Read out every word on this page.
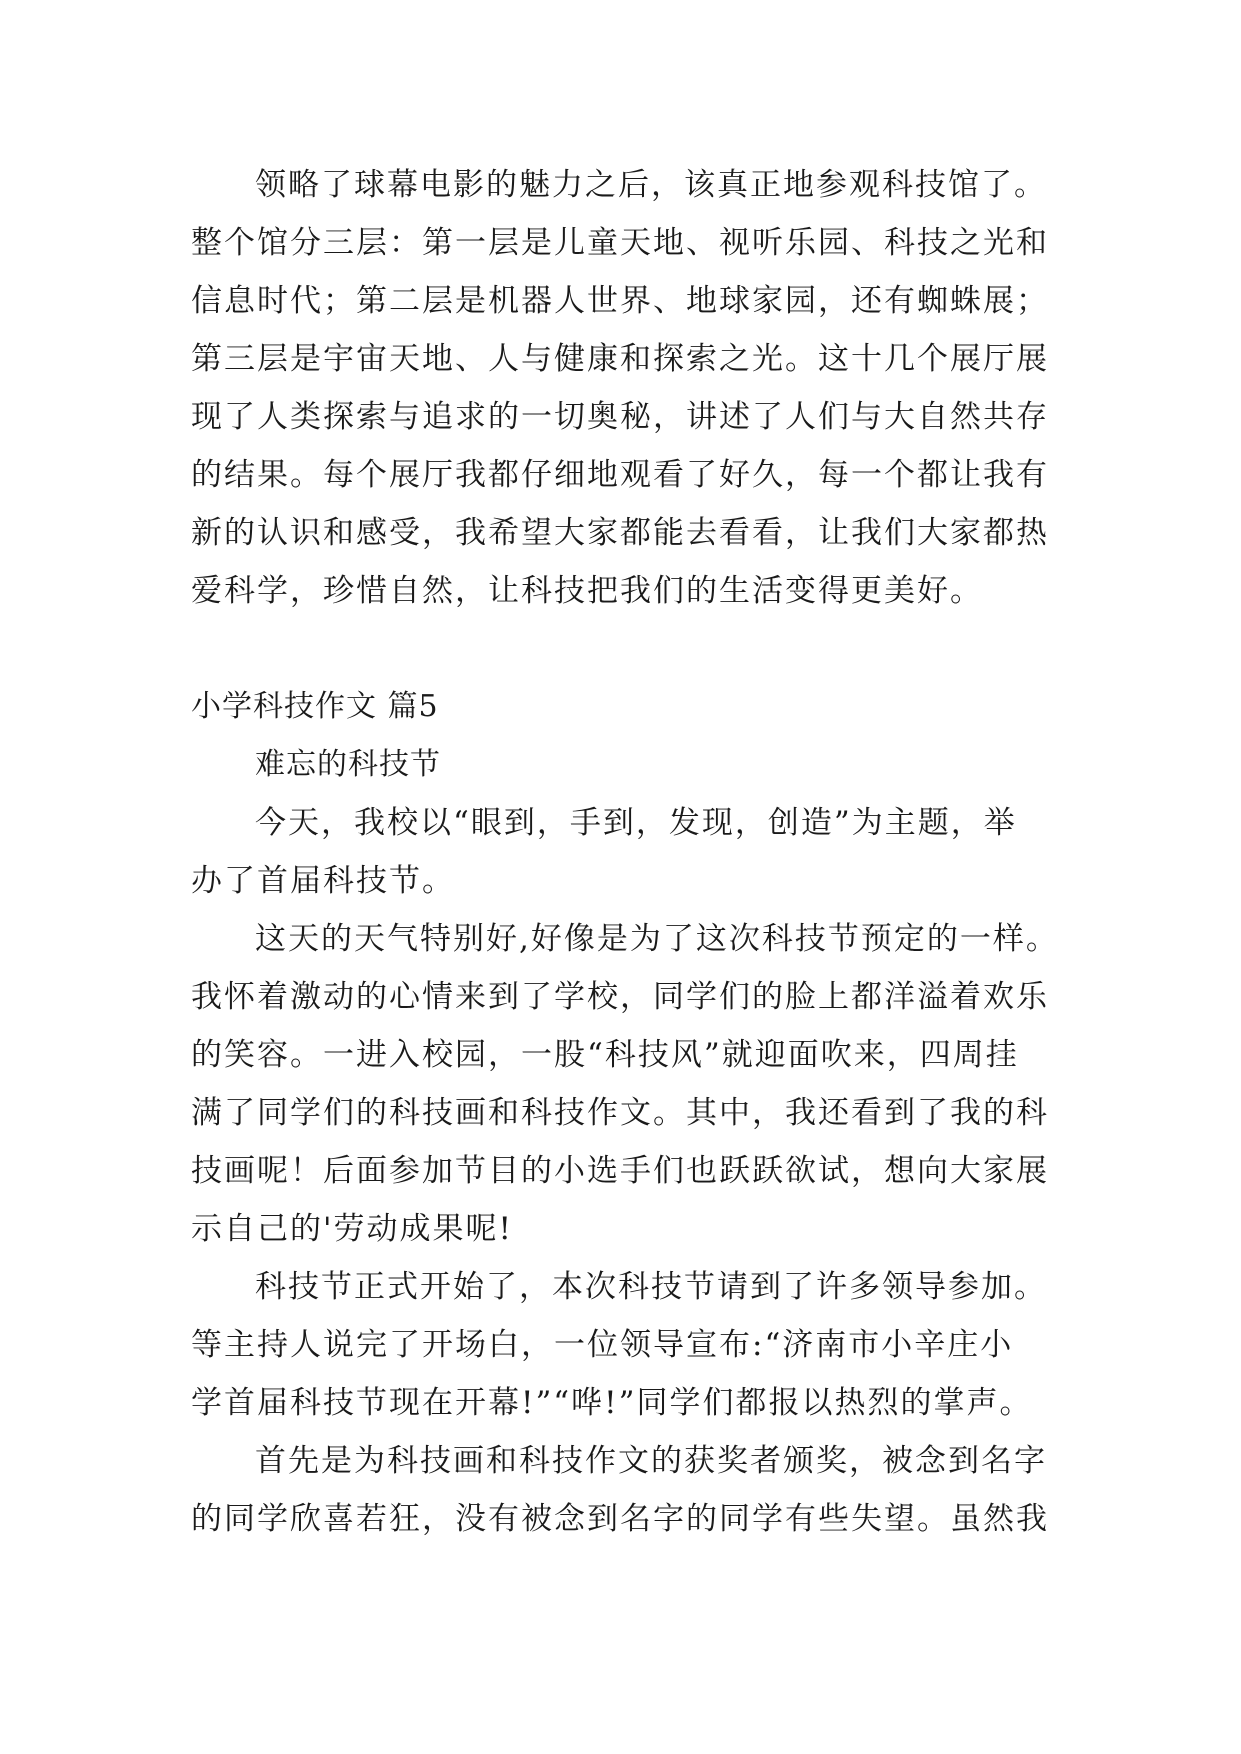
领略了球幕电影的魅力之后，该真正地参观科技馆了。
整个馆分三层：第一层是儿童天地、视听乐园、科技之光和
信息时代；第二层是机器人世界、地球家园，还有蜘蛛展；
第三层是宇宙天地、人与健康和探索之光。这十几个展厅展
现了人类探索与追求的一切奥秘，讲述了人们与大自然共存
的结果。每个展厅我都仔细地观看了好久，每一个都让我有
新的认识和感受，我希望大家都能去看看，让我们大家都热
爱科学，珍惜自然，让科技把我们的生活变得更美好。
小学科技作文 篇5
难忘的科技节
今天，我校以“眼到，手到，发现，创造”为主题，举
办了首届科技节。
这天的天气特别好,好像是为了这次科技节预定的一样。
我怀着激动的心情来到了学校，同学们的脸上都洋溢着欢乐
的笑容。一进入校园，一股“科技风”就迎面吹来，四周挂
满了同学们的科技画和科技作文。其中，我还看到了我的科
技画呢！后面参加节目的小选手们也跃跃欲试，想向大家展
示自己的'劳动成果呢!
科技节正式开始了，本次科技节请到了许多领导参加。
等主持人说完了开场白，一位领导宣布:“济南市小辛庄小
学首届科技节现在开幕!”“哗!”同学们都报以热烈的掌声。
首先是为科技画和科技作文的获奖者颁奖，被念到名字
的同学欣喜若狂，没有被念到名字的同学有些失望。虽然我
